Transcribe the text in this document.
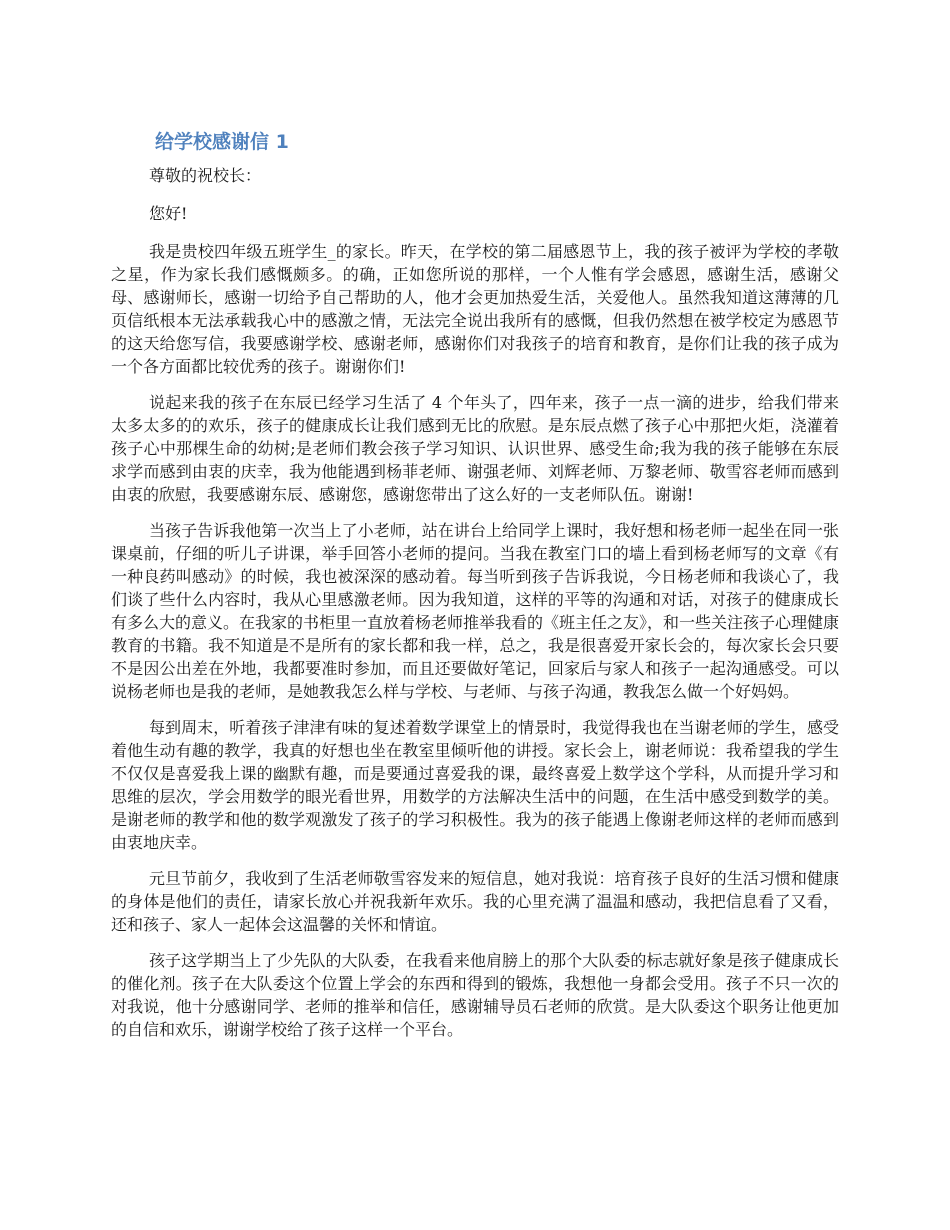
给学校感谢信 1

尊敬的祝校长：

您好!

我是贵校四年级五班学生_的家长。昨天，在学校的第二届感恩节上，我的孩子被评为学校的孝敬之星，作为家长我们感慨颇多。的确，正如您所说的那样，一个人惟有学会感恩，感谢生活，感谢父母、感谢师长，感谢一切给予自己帮助的人，他才会更加热爱生活，关爱他人。虽然我知道这薄薄的几页信纸根本无法承载我心中的感激之情，无法完全说出我所有的感慨，但我仍然想在被学校定为感恩节的这天给您写信，我要感谢学校、感谢老师，感谢你们对我孩子的培育和教育，是你们让我的孩子成为一个各方面都比较优秀的孩子。谢谢你们!

说起来我的孩子在东辰已经学习生活了 4 个年头了，四年来，孩子一点一滴的进步，给我们带来太多太多的的欢乐，孩子的健康成长让我们感到无比的欣慰。是东辰点燃了孩子心中那把火炬，浇灌着孩子心中那棵生命的幼树;是老师们教会孩子学习知识、认识世界、感受生命;我为我的孩子能够在东辰求学而感到由衷的庆幸，我为他能遇到杨菲老师、谢强老师、刘辉老师、万黎老师、敬雪容老师而感到由衷的欣慰，我要感谢东辰、感谢您，感谢您带出了这么好的一支老师队伍。谢谢!

当孩子告诉我他第一次当上了小老师，站在讲台上给同学上课时，我好想和杨老师一起坐在同一张课桌前，仔细的听儿子讲课，举手回答小老师的提问。当我在教室门口的墙上看到杨老师写的文章《有一种良药叫感动》的时候，我也被深深的感动着。每当听到孩子告诉我说，今日杨老师和我谈心了，我们谈了些什么内容时，我从心里感激老师。因为我知道，这样的平等的沟通和对话，对孩子的健康成长有多么大的意义。在我家的书柜里一直放着杨老师推举我看的《班主任之友》，和一些关注孩子心理健康教育的书籍。我不知道是不是所有的家长都和我一样，总之，我是很喜爱开家长会的，每次家长会只要不是因公出差在外地，我都要准时参加，而且还要做好笔记，回家后与家人和孩子一起沟通感受。可以说杨老师也是我的老师，是她教我怎么样与学校、与老师、与孩子沟通，教我怎么做一个好妈妈。

每到周末，听着孩子津津有味的复述着数学课堂上的情景时，我觉得我也在当谢老师的学生，感受着他生动有趣的教学，我真的好想也坐在教室里倾听他的讲授。家长会上，谢老师说：我希望我的学生不仅仅是喜爱我上课的幽默有趣，而是要通过喜爱我的课，最终喜爱上数学这个学科，从而提升学习和思维的层次，学会用数学的眼光看世界，用数学的方法解决生活中的问题，在生活中感受到数学的美。 是谢老师的教学和他的数学观激发了孩子的学习积极性。我为的孩子能遇上像谢老师这样的老师而感到由衷地庆幸。

元旦节前夕，我收到了生活老师敬雪容发来的短信息，她对我说：培育孩子良好的生活习惯和健康的身体是他们的责任，请家长放心并祝我新年欢乐。我的心里充满了温温和感动，我把信息看了又看，还和孩子、家人一起体会这温馨的关怀和情谊。

孩子这学期当上了少先队的大队委，在我看来他肩膀上的那个大队委的标志就好象是孩子健康成长的催化剂。孩子在大队委这个位置上学会的东西和得到的锻炼，我想他一身都会受用。孩子不只一次的对我说，他十分感谢同学、老师的推举和信任，感谢辅导员石老师的欣赏。是大队委这个职务让他更加的自信和欢乐，谢谢学校给了孩子这样一个平台。
